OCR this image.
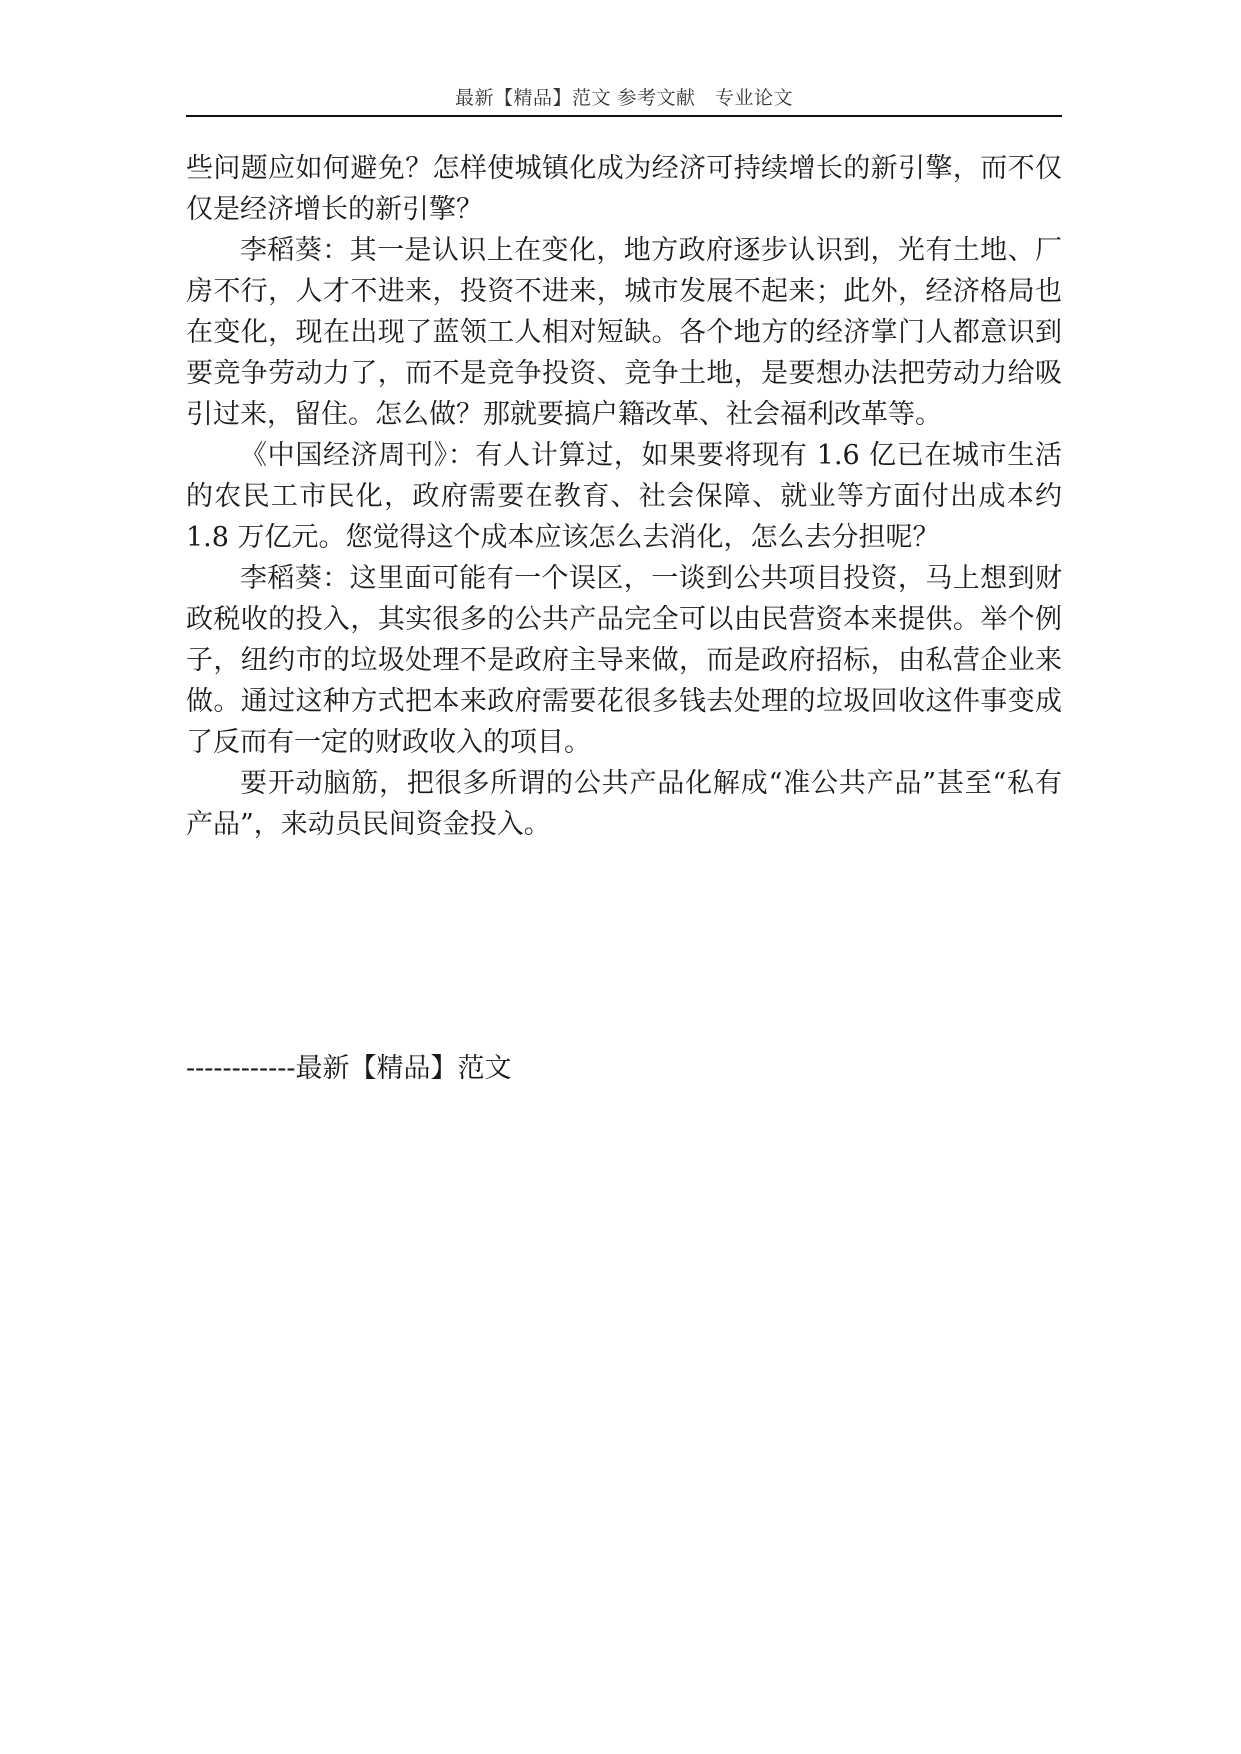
最新【精品】范文 参考文献　专业论文

些问题应如何避免？怎样使城镇化成为经济可持续增长的新引擎，而不仅仅是经济增长的新引擎？

李稻葵：其一是认识上在变化，地方政府逐步认识到，光有土地、厂房不行，人才不进来，投资不进来，城市发展不起来；此外，经济格局也在变化，现在出现了蓝领工人相对短缺。各个地方的经济掌门人都意识到要竞争劳动力了，而不是竞争投资、竞争土地，是要想办法把劳动力给吸引过来，留住。怎么做？那就要搞户籍改革、社会福利改革等。

《中国经济周刊》：有人计算过，如果要将现有 1.6 亿已在城市生活的农民工市民化，政府需要在教育、社会保障、就业等方面付出成本约 1.8 万亿元。您觉得这个成本应该怎么去消化，怎么去分担呢？

李稻葵：这里面可能有一个误区，一谈到公共项目投资，马上想到财政税收的投入，其实很多的公共产品完全可以由民营资本来提供。举个例子，纽约市的垃圾处理不是政府主导来做，而是政府招标，由私营企业来做。通过这种方式把本来政府需要花很多钱去处理的垃圾回收这件事变成了反而有一定的财政收入的项目。

要开动脑筋，把很多所谓的公共产品化解成“准公共产品”甚至“私有产品”，来动员民间资金投入。

------------最新【精品】范文
